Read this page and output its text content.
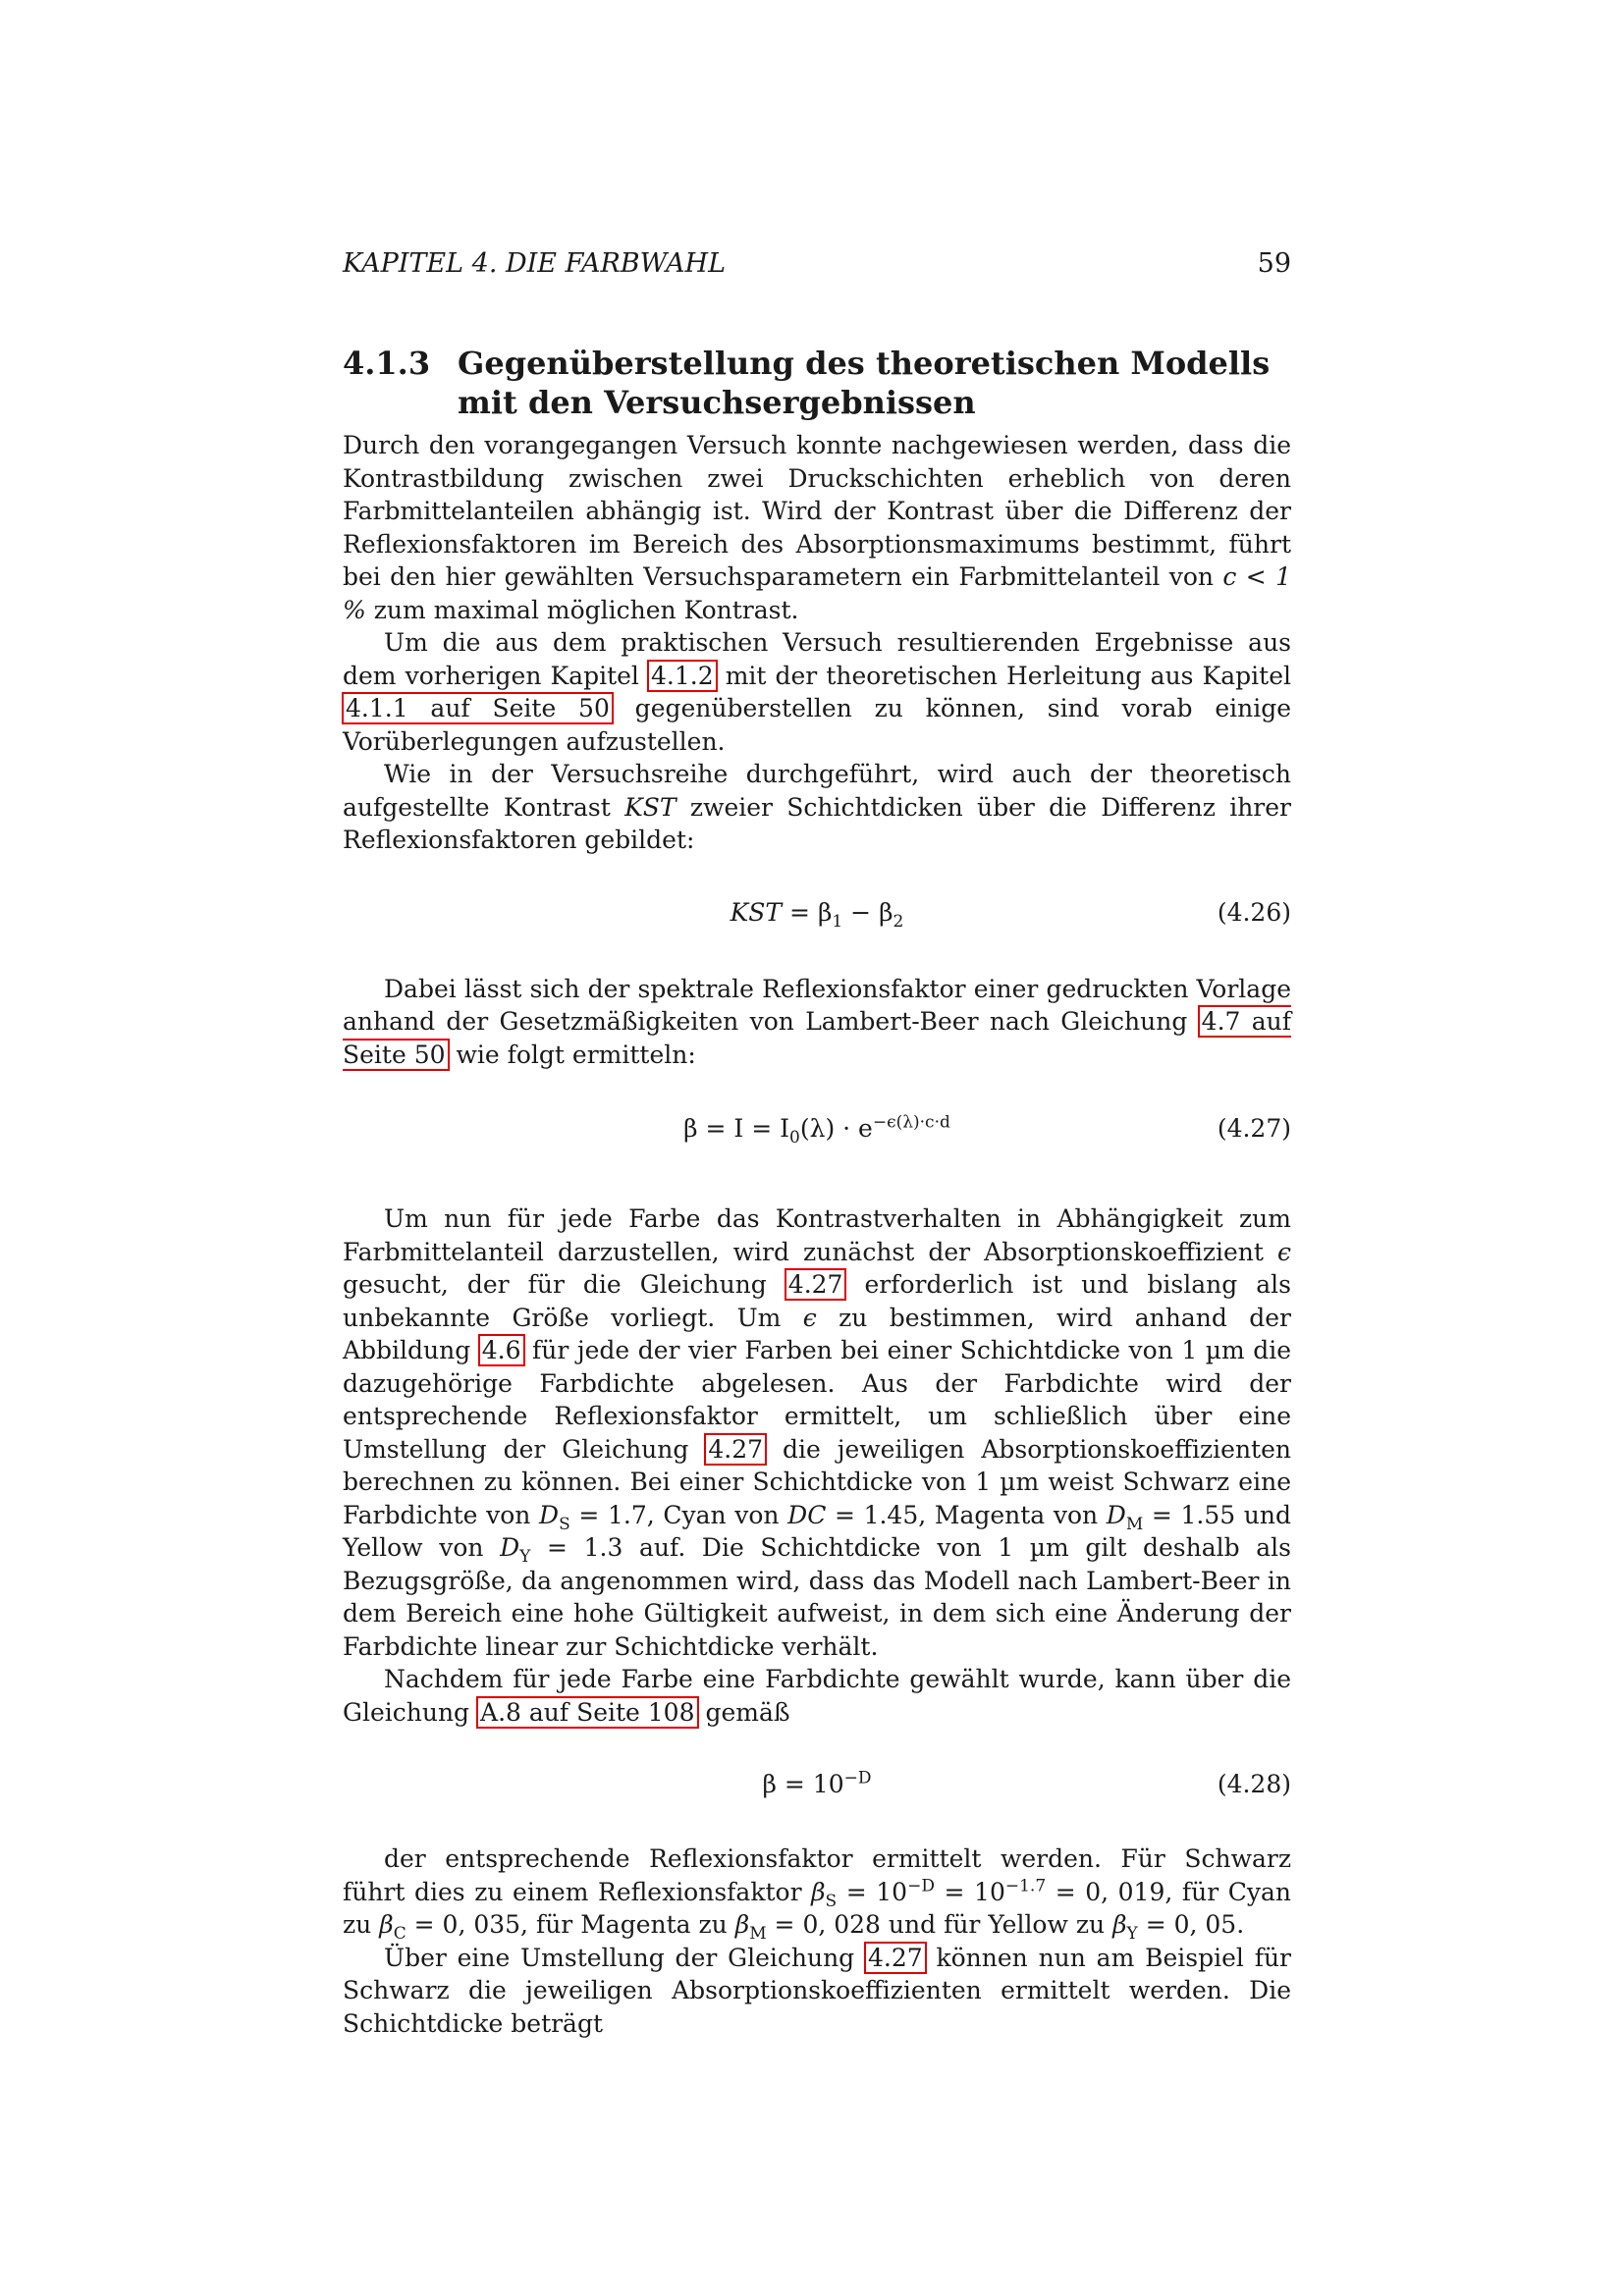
KAPITEL 4. DIE FARBWAHL	59
4.1.3 Gegenüberstellung des theoretischen Modells mit den Versuchsergebnissen

Durch den vorangegangen Versuch konnte nachgewiesen werden, dass die Kontrastbildung zwischen zwei Druckschichten erheblich von deren Farbmittelanteilen abhängig ist. Wird der Kontrast über die Differenz der Reflexionsfaktoren im Bereich des Absorptionsmaximums bestimmt, führt bei den hier gewählten Versuchsparametern ein Farbmittelanteil von c < 1 % zum maximal möglichen Kontrast.

Um die aus dem praktischen Versuch resultierenden Ergebnisse aus dem vorherigen Kapitel 4.1.2 mit der theoretischen Herleitung aus Kapitel 4.1.1 auf Seite 50 gegenüberstellen zu können, sind vorab einige Vorüberlegungen aufzustellen.

Wie in der Versuchsreihe durchgeführt, wird auch der theoretisch aufgestellte Kontrast KST zweier Schichtdicken über die Differenz ihrer Reflexionsfaktoren gebildet:

KST = $\beta_1 - \beta_2$	(4.26)

Dabei lässt sich der spektrale Reflexionsfaktor einer gedruckten Vorlage anhand der Gesetzmäßigkeiten von Lambert-Beer nach Gleichung 4.7 auf Seite 50 wie folgt ermitteln:

$\beta = I = I_0(\lambda) \cdot e^{-\epsilon(\lambda)\cdot c\cdot d}$	(4.27)

Um nun für jede Farbe das Kontrastverhalten in Abhängigkeit zum Farbmittelanteil darzustellen, wird zunächst der Absorptionskoeffizient ϵ gesucht, der für die Gleichung 4.27 erforderlich ist und bislang als unbekannte Größe vorliegt. Um ϵ zu bestimmen, wird anhand der Abbildung 4.6 für jede der vier Farben bei einer Schichtdicke von 1 µm die dazugehörige Farbdichte abgelesen. Aus der Farbdichte wird der entsprechende Reflexionsfaktor ermittelt, um schließlich über eine Umstellung der Gleichung 4.27 die jeweiligen Absorptionskoeffizienten berechnen zu können. Bei einer Schichtdicke von 1 µm weist Schwarz eine Farbdichte von $D_S = 1.7$, Cyan von DC = 1.45, Magenta von $D_M = 1.55$ und Yellow von $D_Y = 1.3$ auf. Die Schichtdicke von 1 µm gilt deshalb als Bezugsgröße, da angenommen wird, dass das Modell nach Lambert-Beer in dem Bereich eine hohe Gültigkeit aufweist, in dem sich eine Änderung der Farbdichte linear zur Schichtdicke verhält.

Nachdem für jede Farbe eine Farbdichte gewählt wurde, kann über die Gleichung A.8 auf Seite 108 gemäß

$\beta = 10^{-D}$	(4.28)

der entsprechende Reflexionsfaktor ermittelt werden. Für Schwarz führt dies zu einem Reflexionsfaktor $\beta_S = 10^{-D} = 10^{-1.7} = 0$, 019, für Cyan zu $\beta_C = 0$, 035, für Magenta zu $\beta_M = 0$, 028 und für Yellow zu $\beta_Y = 0$, 05.

Über eine Umstellung der Gleichung 4.27 können nun am Beispiel für Schwarz die jeweiligen Absorptionskoeffizienten ermittelt werden. Die Schichtdicke beträgt
